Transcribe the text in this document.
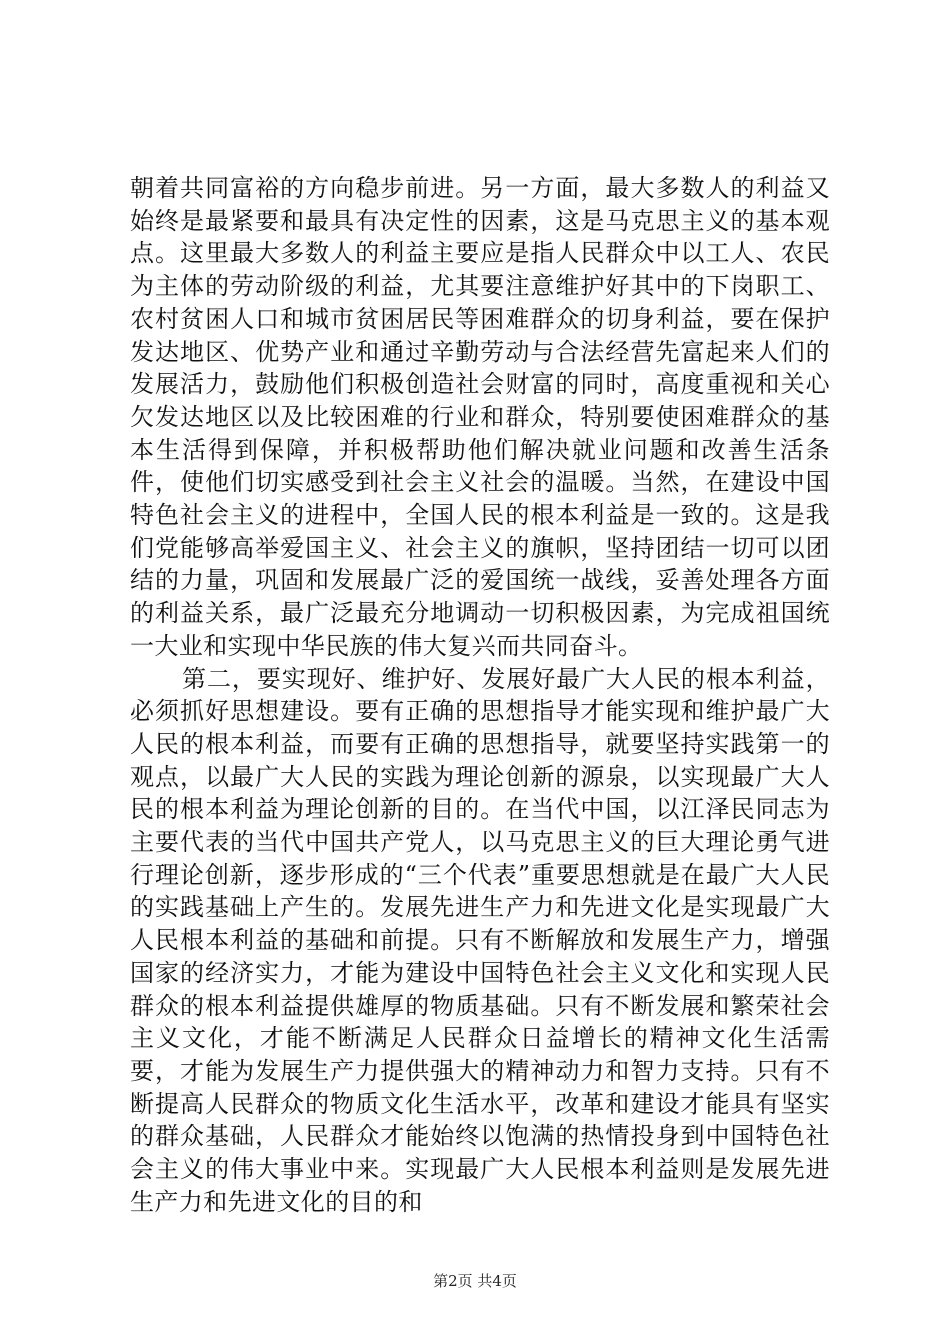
朝着共同富裕的方向稳步前进。另一方面，最大多数人的利益又始终是最紧要和最具有决定性的因素，这是马克思主义的基本观点。这里最大多数人的利益主要应是指人民群众中以工人、农民为主体的劳动阶级的利益，尤其要注意维护好其中的下岗职工、农村贫困人口和城市贫困居民等困难群众的切身利益，要在保护发达地区、优势产业和通过辛勤劳动与合法经营先富起来人们的发展活力，鼓励他们积极创造社会财富的同时，高度重视和关心欠发达地区以及比较困难的行业和群众，特别要使困难群众的基本生活得到保障，并积极帮助他们解决就业问题和改善生活条件，使他们切实感受到社会主义社会的温暖。当然，在建设中国特色社会主义的进程中，全国人民的根本利益是一致的。这是我们党能够高举爱国主义、社会主义的旗帜，坚持团结一切可以团结的力量，巩固和发展最广泛的爱国统一战线，妥善处理各方面的利益关系，最广泛最充分地调动一切积极因素，为完成祖国统一大业和实现中华民族的伟大复兴而共同奋斗。

第二，要实现好、维护好、发展好最广大人民的根本利益，必须抓好思想建设。要有正确的思想指导才能实现和维护最广大人民的根本利益，而要有正确的思想指导，就要坚持实践第一的观点，以最广大人民的实践为理论创新的源泉，以实现最广大人民的根本利益为理论创新的目的。在当代中国，以江泽民同志为主要代表的当代中国共产党人，以马克思主义的巨大理论勇气进行理论创新，逐步形成的“三个代表”重要思想就是在最广大人民的实践基础上产生的。发展先进生产力和先进文化是实现最广大人民根本利益的基础和前提。只有不断解放和发展生产力，增强国家的经济实力，才能为建设中国特色社会主义文化和实现人民群众的根本利益提供雄厚的物质基础。只有不断发展和繁荣社会主义文化，才能不断满足人民群众日益增长的精神文化生活需要，才能为发展生产力提供强大的精神动力和智力支持。只有不断提高人民群众的物质文化生活水平，改革和建设才能具有坚实的群众基础，人民群众才能始终以饱满的热情投身到中国特色社会主义的伟大事业中来。实现最广大人民根本利益则是发展先进生产力和先进文化的目的和

第2页 共4页
